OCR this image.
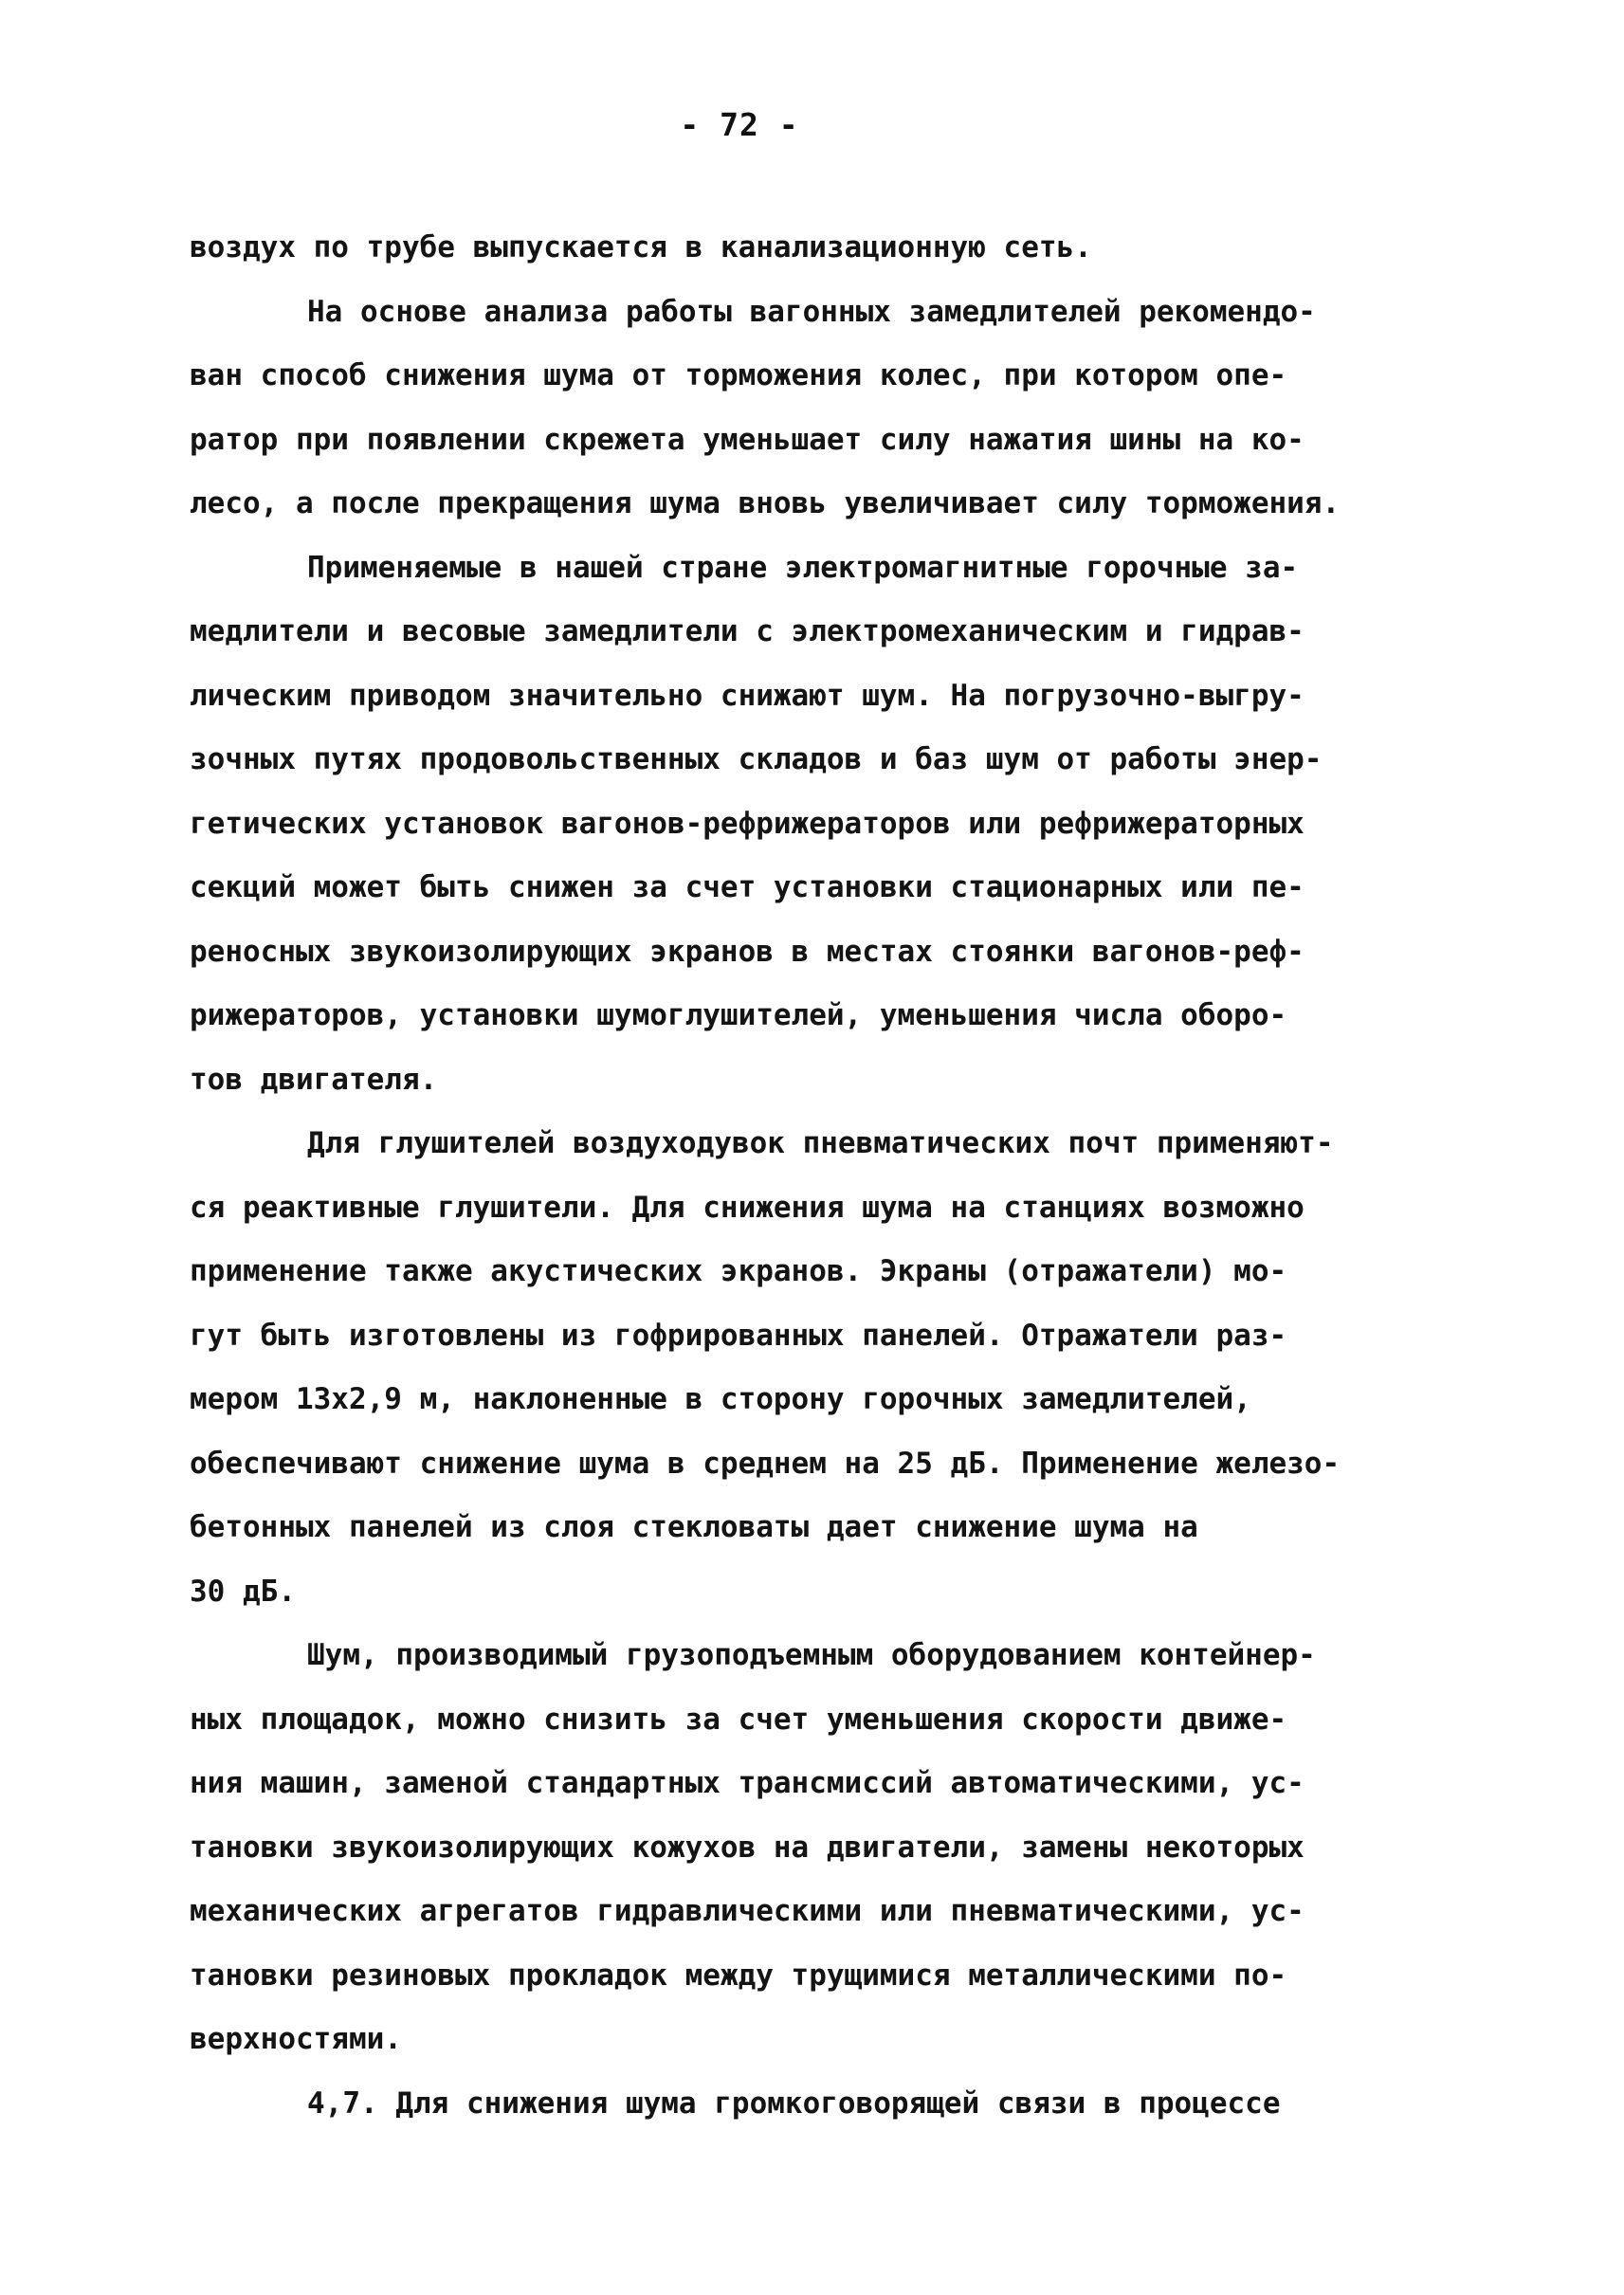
- 72 -
воздух по трубе выпускается в канализационную сеть.
На основе анализа работы вагонных замедлителей рекомендо-
ван способ снижения шума от торможения колес, при котором опе-
ратор при появлении скрежета уменьшает силу нажатия шины на ко-
лесо, а после прекращения шума вновь увеличивает силу торможения.
Применяемые в нашей стране электромагнитные горочные за-
медлители и весовые замедлители с электромеханическим и гидрав-
лическим приводом значительно снижают шум. На погрузочно-выгру-
зочных путях продовольственных складов и баз шум от работы энер-
гетических установок вагонов-рефрижераторов или рефрижераторных
секций может быть снижен за счет установки стационарных или пе-
реносных звукоизолирующих экранов в местах стоянки вагонов-реф-
рижераторов, установки шумоглушителей, уменьшения числа оборо-
тов двигателя.
Для глушителей воздуходувок пневматических почт применяют-
ся реактивные глушители. Для снижения шума на станциях возможно
применение также акустических экранов. Экраны (отражатели) мо-
гут быть изготовлены из гофрированных панелей. Отражатели раз-
мером 13х2,9 м, наклоненные в сторону горочных замедлителей,
обеспечивают снижение шума в среднем на 25 дБ. Применение железо-
бетонных панелей из слоя стекловаты дает снижение шума на
30 дБ.
Шум, производимый грузоподъемным оборудованием контейнер-
ных площадок, можно снизить за счет уменьшения скорости движе-
ния машин, заменой стандартных трансмиссий автоматическими, ус-
тановки звукоизолирующих кожухов на двигатели, замены некоторых
механических агрегатов гидравлическими или пневматическими, ус-
тановки резиновых прокладок между трущимися металлическими по-
верхностями.
4,7. Для снижения шума громкоговорящей связи в процессе
